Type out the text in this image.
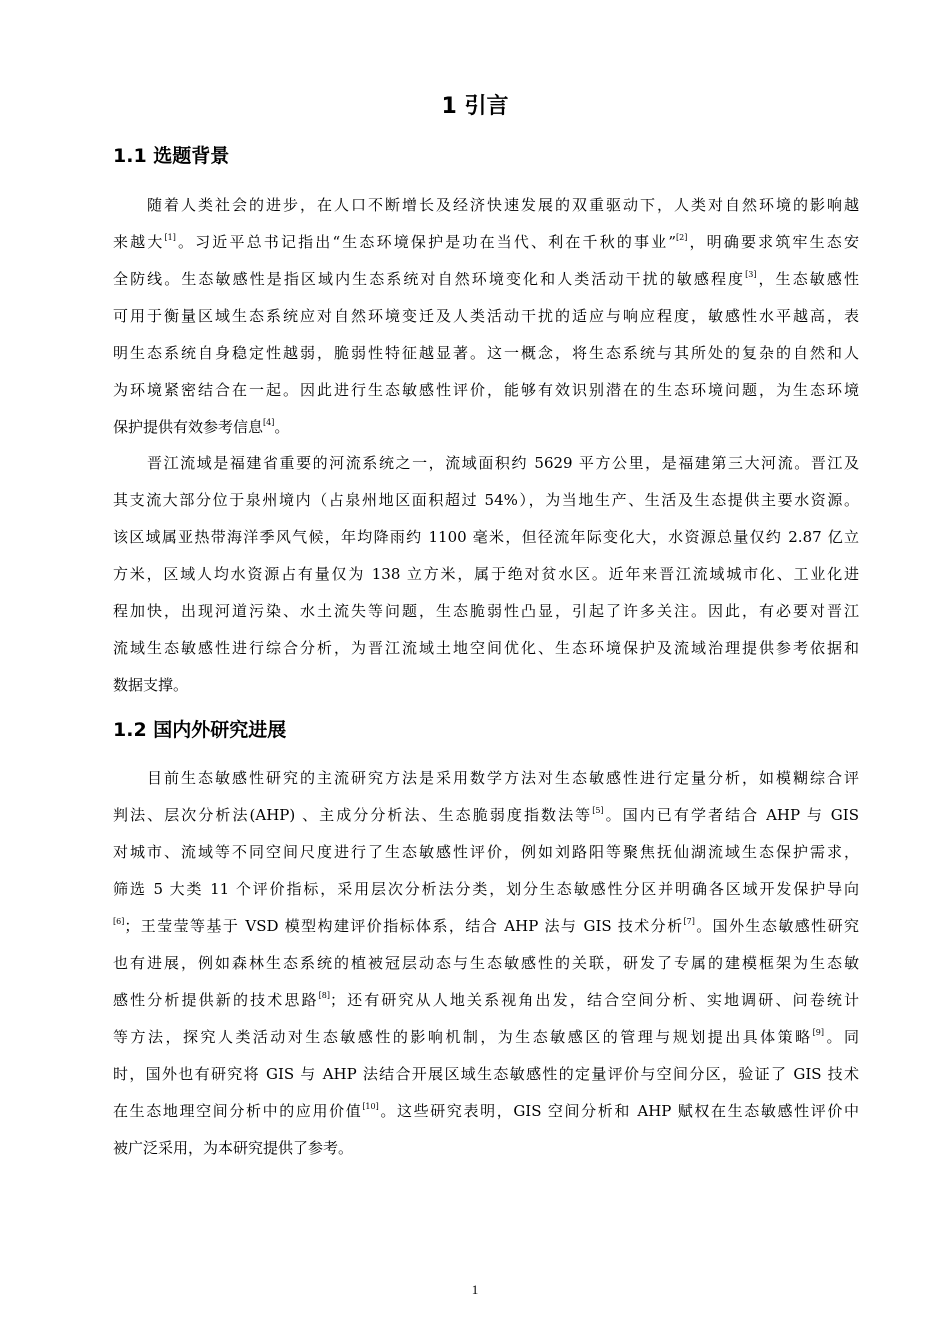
1 引言
1.1 选题背景
随着人类社会的进步，在人口不断增长及经济快速发展的双重驱动下，人类对自然环境的影响越
来越大[1]。习近平总书记指出“生态环境保护是功在当代、利在千秋的事业”[2]，明确要求筑牢生态安
全防线。生态敏感性是指区域内生态系统对自然环境变化和人类活动干扰的敏感程度[3]，生态敏感性
可用于衡量区域生态系统应对自然环境变迁及人类活动干扰的适应与响应程度，敏感性水平越高，表
明生态系统自身稳定性越弱，脆弱性特征越显著。这一概念，将生态系统与其所处的复杂的自然和人
为环境紧密结合在一起。因此进行生态敏感性评价，能够有效识别潜在的生态环境问题，为生态环境
保护提供有效参考信息[4]。
晋江流域是福建省重要的河流系统之一，流域面积约 5629 平方公里，是福建第三大河流。晋江及
其支流大部分位于泉州境内（占泉州地区面积超过 54%），为当地生产、生活及生态提供主要水资源。
该区域属亚热带海洋季风气候，年均降雨约 1100 毫米，但径流年际变化大，水资源总量仅约 2.87 亿立
方米，区域人均水资源占有量仅为 138 立方米，属于绝对贫水区。近年来晋江流域城市化、工业化进
程加快，出现河道污染、水土流失等问题，生态脆弱性凸显，引起了许多关注。因此，有必要对晋江
流域生态敏感性进行综合分析，为晋江流域土地空间优化、生态环境保护及流域治理提供参考依据和
数据支撑。
1.2 国内外研究进展
目前生态敏感性研究的主流研究方法是采用数学方法对生态敏感性进行定量分析，如模糊综合评
判法、层次分析法(AHP) 、主成分分析法、生态脆弱度指数法等[5]。国内已有学者结合 AHP 与 GIS
对城市、流域等不同空间尺度进行了生态敏感性评价，例如刘路阳等聚焦抚仙湖流域生态保护需求，
筛选 5 大类 11 个评价指标，采用层次分析法分类，划分生态敏感性分区并明确各区域开发保护导向
[6]；王莹莹等基于 VSD 模型构建评价指标体系，结合 AHP 法与 GIS 技术分析[7]。国外生态敏感性研究
也有进展，例如森林生态系统的植被冠层动态与生态敏感性的关联，研发了专属的建模框架为生态敏
感性分析提供新的技术思路[8]；还有研究从人地关系视角出发，结合空间分析、实地调研、问卷统计
等方法，探究人类活动对生态敏感性的影响机制，为生态敏感区的管理与规划提出具体策略[9]。同
时，国外也有研究将 GIS 与 AHP 法结合开展区域生态敏感性的定量评价与空间分区，验证了 GIS 技术
在生态地理空间分析中的应用价值[10]。这些研究表明，GIS 空间分析和 AHP 赋权在生态敏感性评价中
被广泛采用，为本研究提供了参考。
1
